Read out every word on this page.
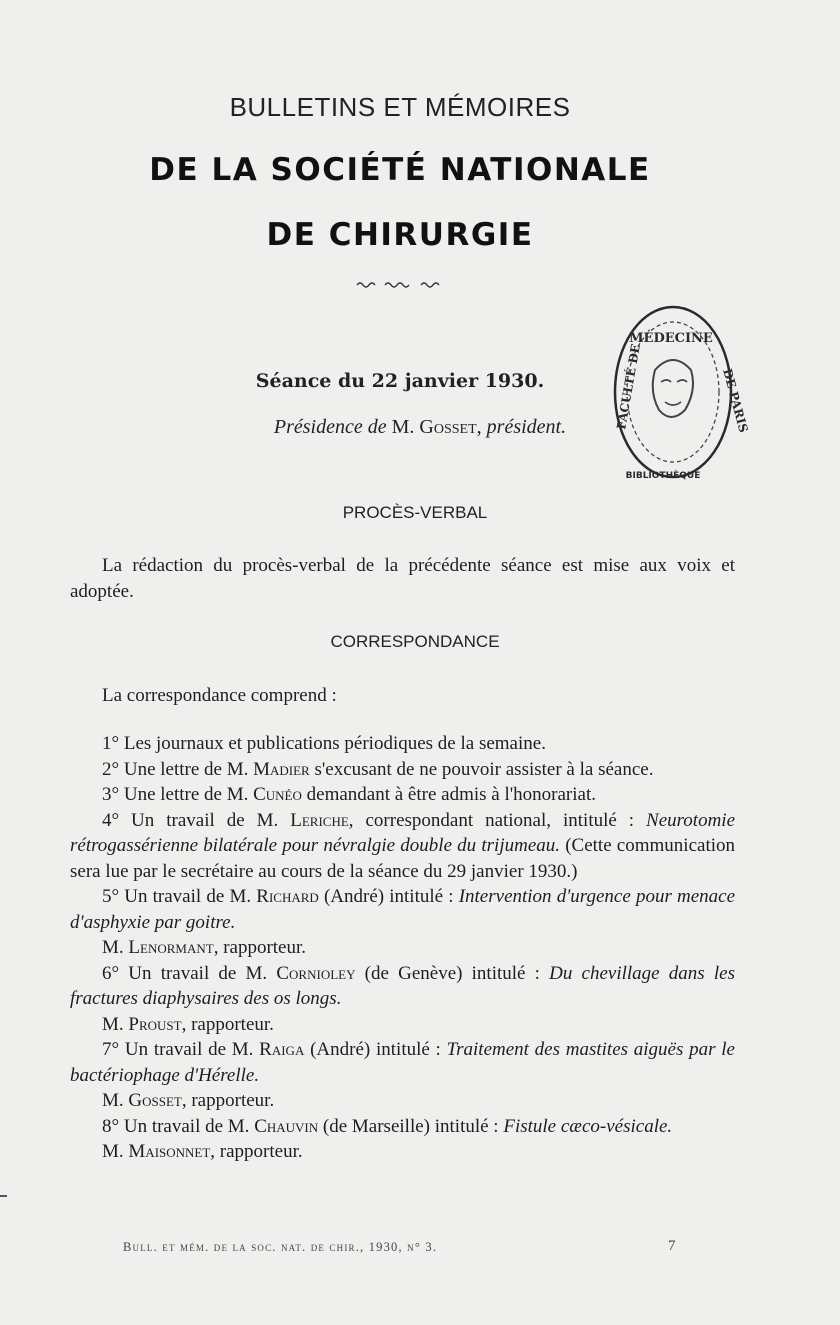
BULLETINS ET MÉMOIRES
DE LA SOCIÉTÉ NATIONALE
DE CHIRURGIE
MÉDECINE
FACULTÉ DE	DE PARIS
BIBLIOTHÈQUE
Séance du 22 janvier 1930.
Présidence de M. Gosset, président.
PROCÈS-VERBAL

La rédaction du procès-verbal de la précédente séance est mise aux voix et adoptée.

CORRESPONDANCE

La correspondance comprend :

1° Les journaux et publications périodiques de la semaine.

2° Une lettre de M. Madier s'excusant de ne pouvoir assister à la séance.

3° Une lettre de M. Cunéo demandant à être admis à l'honorariat.

4° Un travail de M. Leriche, correspondant national, intitulé : Neurotomie rétrogassérienne bilatérale pour névralgie double du trijumeau. (Cette communication sera lue par le secrétaire au cours de la séance du 29 janvier 1930.)

5° Un travail de M. Richard (André) intitulé : Intervention d'urgence pour menace d'asphyxie par goitre.

M. Lenormant, rapporteur.

6° Un travail de M. Cornioley (de Genève) intitulé : Du chevillage dans les fractures diaphysaires des os longs.

M. Proust, rapporteur.

7° Un travail de M. Raiga (André) intitulé : Traitement des mastites aiguës par le bactériophage d'Hérelle.

M. Gosset, rapporteur.

8° Un travail de M. Chauvin (de Marseille) intitulé : Fistule cæco-vésicale.

M. Maisonnet, rapporteur.

Bull. et mém. de la soc. nat. de chir., 1930, n° 3.	7
